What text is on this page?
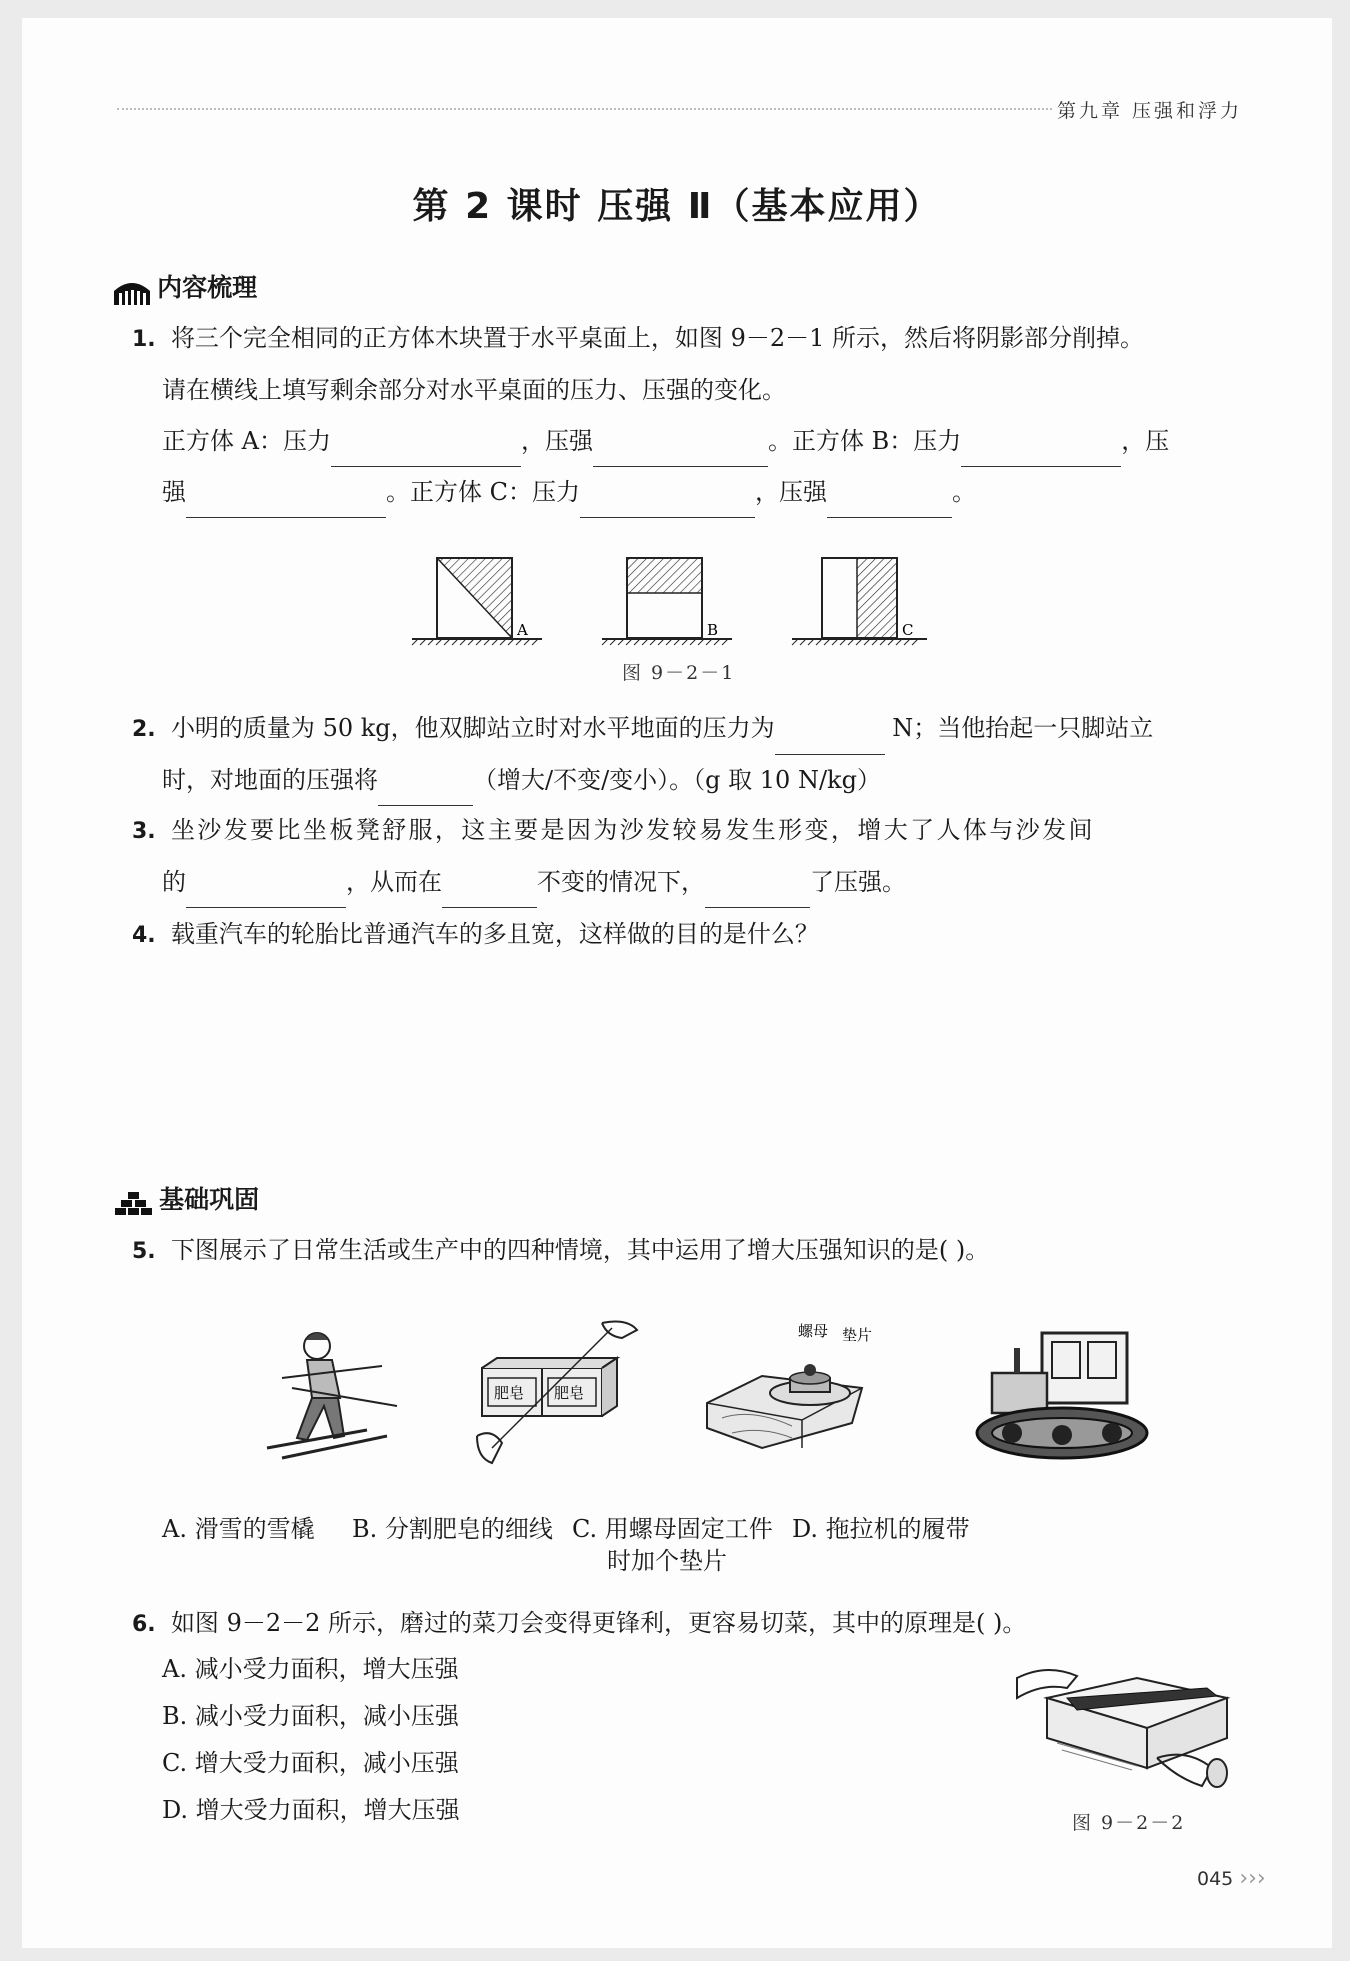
第九章 压强和浮力
第 2 课时 压强 Ⅱ（基本应用）
内容梳理
1. 将三个完全相同的正方体木块置于水平桌面上，如图 9－2－1 所示，然后将阴影部分削掉。
请在横线上填写剩余部分对水平桌面的压力、压强的变化。
正方体 A：压力	，压强	。正方体 B：压力	，压
强	。正方体 C：压力	，压强	。
A	B	C
图 9－2－1
2. 小明的质量为 50 kg，他双脚站立时对水平地面的压力为	N；当他抬起一只脚站立
时，对地面的压强将	（增大/不变/变小）。（g 取 10 N/kg）
3. 坐沙发要比坐板凳舒服，这主要是因为沙发较易发生形变，增大了人体与沙发间
的	，从而在	不变的情况下，	了压强。
4. 载重汽车的轮胎比普通汽车的多且宽，这样做的目的是什么？
基础巩固
5. 下图展示了日常生活或生产中的四种情境，其中运用了增大压强知识的是( )。
肥皂 肥皂
螺母 垫片
A. 滑雪的雪橇 B. 分割肥皂的细线 C. 用螺母固定工件
时加个垫片
D. 拖拉机的履带
6. 如图 9－2－2 所示，磨过的菜刀会变得更锋利，更容易切菜，其中的原理是( )。
A. 减小受力面积，增大压强
B. 减小受力面积，减小压强
C. 增大受力面积，减小压强
D. 增大受力面积，增大压强	图 9－2－2
045 ›››
